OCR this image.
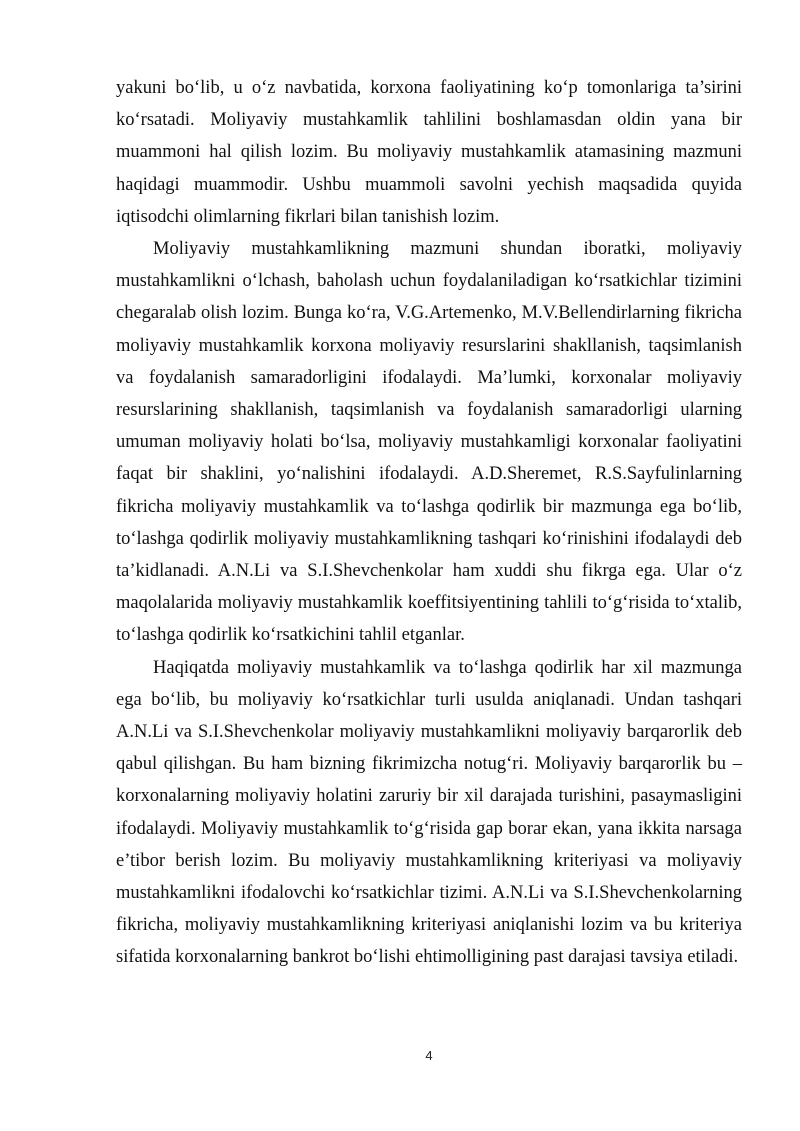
yakuni bo‘lib, u o‘z navbatida, korxona faoliyatining ko‘p tomonlariga ta’sirini ko‘rsatadi. Moliyaviy mustahkamlik tahlilini boshlamasdan oldin yana bir muammoni hal qilish lozim. Bu moliyaviy mustahkamlik atamasining mazmuni haqidagi muammodir. Ushbu muammoli savolni yechish maqsadida quyida iqtisodchi olimlarning fikrlari bilan tanishish lozim.

Moliyaviy mustahkamlikning mazmuni shundan iboratki, moliyaviy mustahkamlikni o‘lchash, baholash uchun foydalaniladigan ko‘rsatkichlar tizimini chegaralab olish lozim. Bunga ko‘ra, V.G.Artemenko, M.V.Bellendirlarning fikricha moliyaviy mustahkamlik korxona moliyaviy resurslarini shakllanish, taqsimlanish va foydalanish samaradorligini ifodalaydi. Ma’lumki, korxonalar moliyaviy resurslarining shakllanish, taqsimlanish va foydalanish samaradorligi ularning umuman moliyaviy holati bo‘lsa, moliyaviy mustahkamligi korxonalar faoliyatini faqat bir shaklini, yo‘nalishini ifodalaydi. A.D.Sheremet, R.S.Sayfulinlarning fikricha moliyaviy mustahkamlik va to‘lashga qodirlik bir mazmunga ega bo‘lib, to‘lashga qodirlik moliyaviy mustahkamlikning tashqari ko‘rinishini ifodalaydi deb ta’kidlanadi. A.N.Li va S.I.Shevchenkolar ham xuddi shu fikrga ega. Ular o‘z maqolalarida moliyaviy mustahkamlik koeffitsiyentining tahlili to‘g‘risida to‘xtalib, to‘lashga qodirlik ko‘rsatkichini tahlil etganlar.

Haqiqatda moliyaviy mustahkamlik va to‘lashga qodirlik har xil mazmunga ega bo‘lib, bu moliyaviy ko‘rsatkichlar turli usulda aniqlanadi. Undan tashqari A.N.Li va S.I.Shevchenkolar moliyaviy mustahkamlikni moliyaviy barqarorlik deb qabul qilishgan. Bu ham bizning fikrimizcha notug‘ri. Moliyaviy barqarorlik bu – korxonalarning moliyaviy holatini zaruriy bir xil darajada turishini, pasaymasligini ifodalaydi. Moliyaviy mustahkamlik to‘g‘risida gap borar ekan, yana ikkita narsaga e’tibor berish lozim. Bu moliyaviy mustahkamlikning kriteriyasi va moliyaviy mustahkamlikni ifodalovchi ko‘rsatkichlar tizimi. A.N.Li va S.I.Shevchenkolarning fikricha, moliyaviy mustahkamlikning kriteriyasi aniqlanishi lozim va bu kriteriya sifatida korxonalarning bankrot bo‘lishi ehtimolligining past darajasi tavsiya etiladi.

4
